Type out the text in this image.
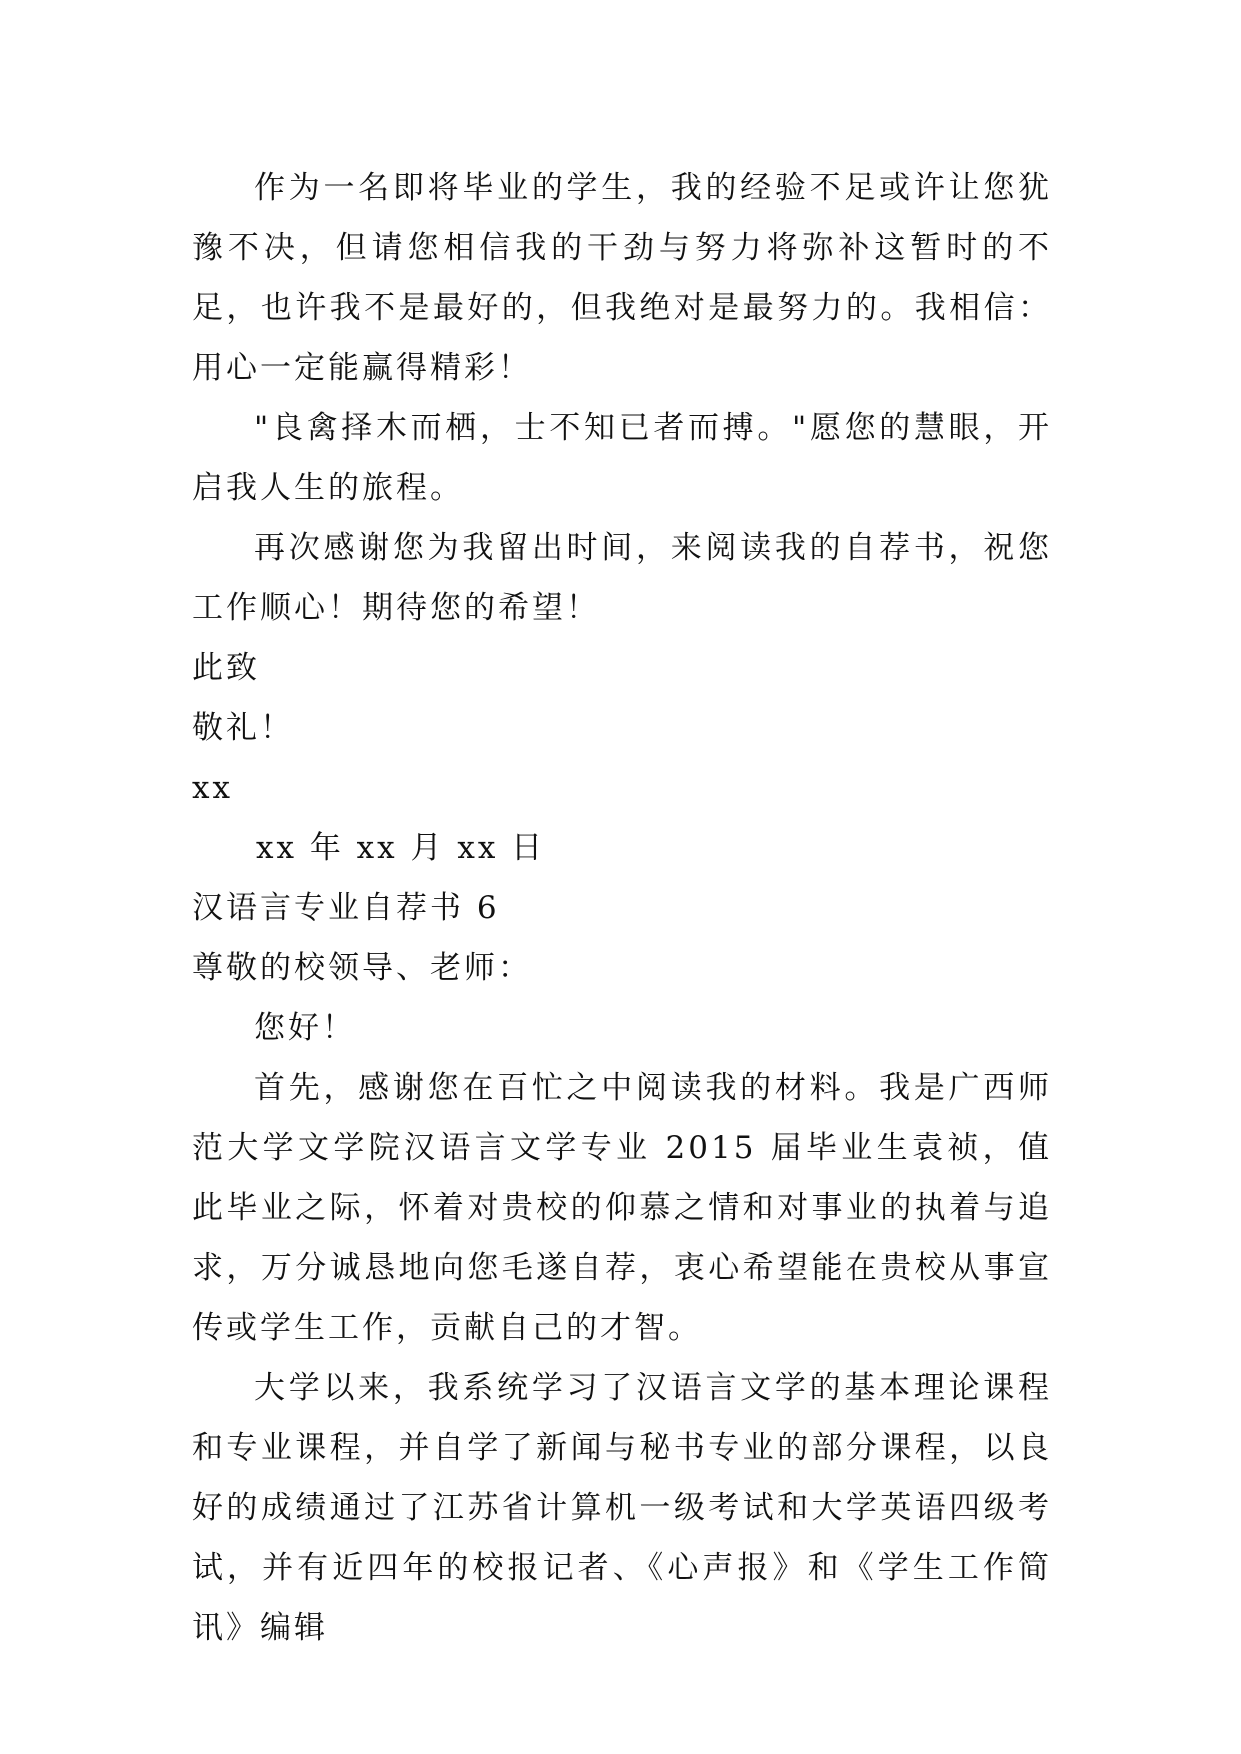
作为一名即将毕业的学生，我的经验不足或许让您犹豫不决，但请您相信我的干劲与努力将弥补这暂时的不足，也许我不是最好的，但我绝对是最努力的。我相信：用心一定能赢得精彩！

"良禽择木而栖，士不知已者而搏。"愿您的慧眼，开启我人生的旅程。

再次感谢您为我留出时间，来阅读我的自荐书，祝您工作顺心！期待您的希望！

此致

敬礼！

xx

xx 年 xx 月 xx 日

汉语言专业自荐书 6

尊敬的校领导、老师：

您好！

首先，感谢您在百忙之中阅读我的材料。我是广西师范大学文学院汉语言文学专业 2015 届毕业生袁祯，值此毕业之际，怀着对贵校的仰慕之情和对事业的执着与追求，万分诚恳地向您毛遂自荐，衷心希望能在贵校从事宣传或学生工作，贡献自己的才智。

大学以来，我系统学习了汉语言文学的基本理论课程和专业课程，并自学了新闻与秘书专业的部分课程，以良好的成绩通过了江苏省计算机一级考试和大学英语四级考试，并有近四年的校报记者、《心声报》和《学生工作简讯》编辑
